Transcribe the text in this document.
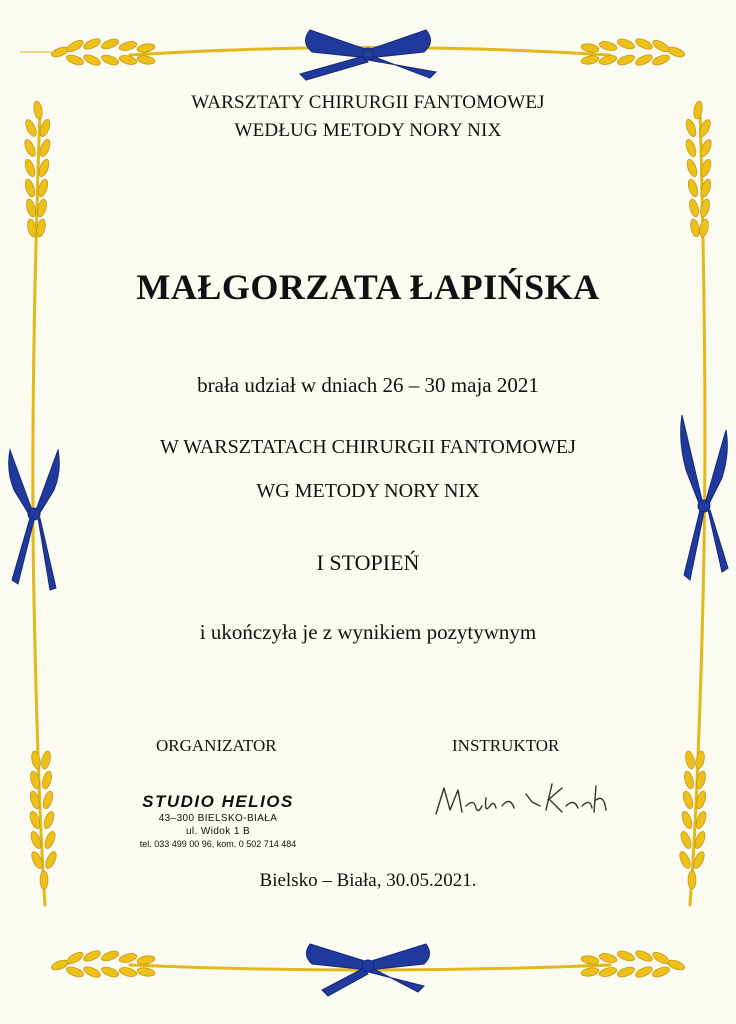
WARSZTATY CHIRURGII FANTOMOWEJ
WEDŁUG METODY NORY NIX
MAŁGORZATA ŁAPIŃSKA
brała udział w dniach 26 – 30 maja 2021
W WARSZTATACH CHIRURGII FANTOMOWEJ
WG METODY NORY NIX
I STOPIEŃ
i ukończyła je z wynikiem pozytywnym
ORGANIZATOR	INSTRUKTOR
STUDIO HELIOS
43–300 BIELSKO-BIAŁA
ul. Widok 1 B
tel. 033 499 00 96, kom. 0 502 714 484
Bielsko – Biała, 30.05.2021.
